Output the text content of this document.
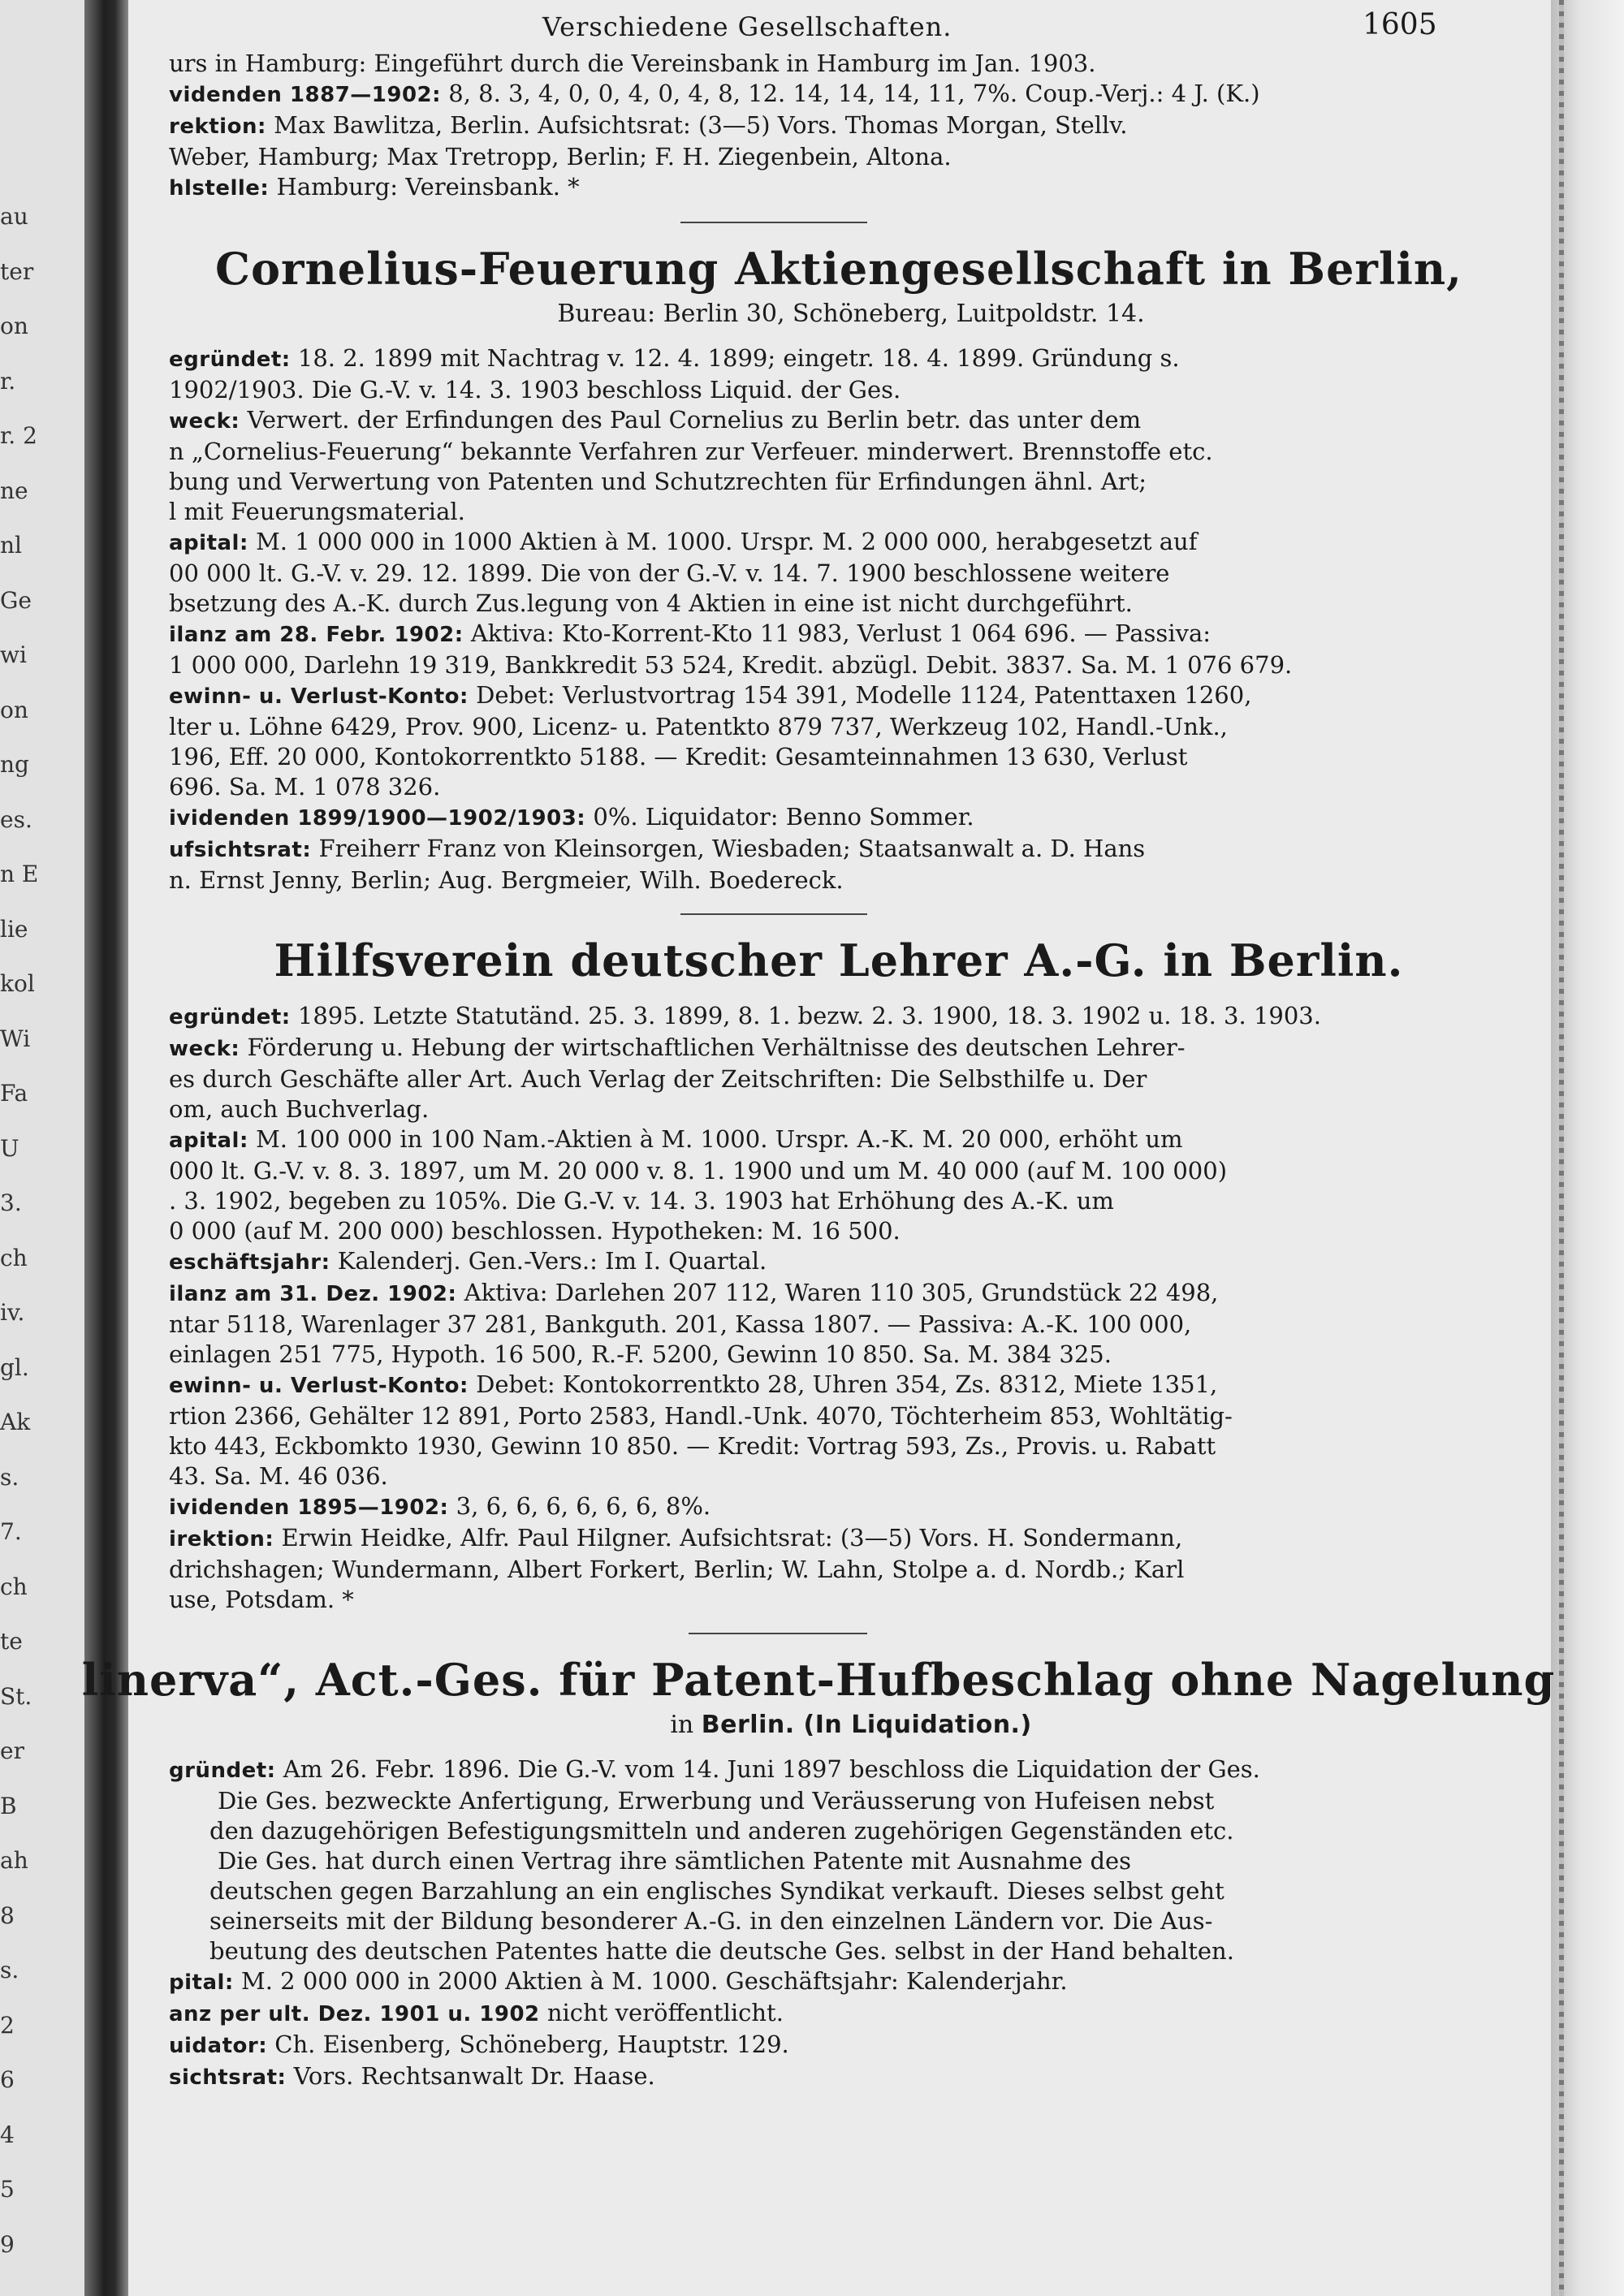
au
ter
on
r.
r. 2
ne
nl
Ge
wi
on
ng
es.
n E
lie
kol
Wi
Fa
U
3.
ch
iv.
gl.
Ak
s.
7.
ch
te
St.
er
B
ah
8
s.
2
6
4
5
9
Verschiedene Gesellschaften.	1605
urs in Hamburg: Eingeführt durch die Vereinsbank in Hamburg im Jan. 1903.
videnden 1887—1902: 8, 8. 3, 4, 0, 0, 4, 0, 4, 8, 12. 14, 14, 14, 11, 7%. Coup.-Verj.: 4 J. (K.)
rektion: Max Bawlitza, Berlin. Aufsichtsrat: (3—5) Vors. Thomas Morgan, Stellv.
Weber, Hamburg; Max Tretropp, Berlin; F. H. Ziegenbein, Altona.
hlstelle: Hamburg: Vereinsbank. *
Cornelius-Feuerung Aktiengesellschaft in Berlin,
Bureau: Berlin 30, Schöneberg, Luitpoldstr. 14.
egründet: 18. 2. 1899 mit Nachtrag v. 12. 4. 1899; eingetr. 18. 4. 1899. Gründung s.
1902/1903. Die G.-V. v. 14. 3. 1903 beschloss Liquid. der Ges.
weck: Verwert. der Erfindungen des Paul Cornelius zu Berlin betr. das unter dem
n „Cornelius-Feuerung“ bekannte Verfahren zur Verfeuer. minderwert. Brennstoffe etc.
bung und Verwertung von Patenten und Schutzrechten für Erfindungen ähnl. Art;
l mit Feuerungsmaterial.
apital: M. 1 000 000 in 1000 Aktien à M. 1000. Urspr. M. 2 000 000, herabgesetzt auf
00 000 lt. G.-V. v. 29. 12. 1899. Die von der G.-V. v. 14. 7. 1900 beschlossene weitere
bsetzung des A.-K. durch Zus.legung von 4 Aktien in eine ist nicht durchgeführt.
ilanz am 28. Febr. 1902: Aktiva: Kto-Korrent-Kto 11 983, Verlust 1 064 696. — Passiva:
1 000 000, Darlehn 19 319, Bankkredit 53 524, Kredit. abzügl. Debit. 3837. Sa. M. 1 076 679.
ewinn- u. Verlust-Konto: Debet: Verlustvortrag 154 391, Modelle 1124, Patenttaxen 1260,
lter u. Löhne 6429, Prov. 900, Licenz- u. Patentkto 879 737, Werkzeug 102, Handl.-Unk.,
196, Eff. 20 000, Kontokorrentkto 5188. — Kredit: Gesamteinnahmen 13 630, Verlust
696. Sa. M. 1 078 326.
ividenden 1899/1900—1902/1903: 0%. Liquidator: Benno Sommer.
ufsichtsrat: Freiherr Franz von Kleinsorgen, Wiesbaden; Staatsanwalt a. D. Hans
n. Ernst Jenny, Berlin; Aug. Bergmeier, Wilh. Boedereck.
Hilfsverein deutscher Lehrer A.-G. in Berlin.
egründet: 1895. Letzte Statutänd. 25. 3. 1899, 8. 1. bezw. 2. 3. 1900, 18. 3. 1902 u. 18. 3. 1903.
weck: Förderung u. Hebung der wirtschaftlichen Verhältnisse des deutschen Lehrer-
es durch Geschäfte aller Art. Auch Verlag der Zeitschriften: Die Selbsthilfe u. Der
om, auch Buchverlag.
apital: M. 100 000 in 100 Nam.-Aktien à M. 1000. Urspr. A.-K. M. 20 000, erhöht um
000 lt. G.-V. v. 8. 3. 1897, um M. 20 000 v. 8. 1. 1900 und um M. 40 000 (auf M. 100 000)
. 3. 1902, begeben zu 105%. Die G.-V. v. 14. 3. 1903 hat Erhöhung des A.-K. um
0 000 (auf M. 200 000) beschlossen. Hypotheken: M. 16 500.
eschäftsjahr: Kalenderj. Gen.-Vers.: Im I. Quartal.
ilanz am 31. Dez. 1902: Aktiva: Darlehen 207 112, Waren 110 305, Grundstück 22 498,
ntar 5118, Warenlager 37 281, Bankguth. 201, Kassa 1807. — Passiva: A.-K. 100 000,
einlagen 251 775, Hypoth. 16 500, R.-F. 5200, Gewinn 10 850. Sa. M. 384 325.
ewinn- u. Verlust-Konto: Debet: Kontokorrentkto 28, Uhren 354, Zs. 8312, Miete 1351,
rtion 2366, Gehälter 12 891, Porto 2583, Handl.-Unk. 4070, Töchterheim 853, Wohltätig-
kto 443, Eckbomkto 1930, Gewinn 10 850. — Kredit: Vortrag 593, Zs., Provis. u. Rabatt
43. Sa. M. 46 036.
ividenden 1895—1902: 3, 6, 6, 6, 6, 6, 6, 8%.
irektion: Erwin Heidke, Alfr. Paul Hilgner. Aufsichtsrat: (3—5) Vors. H. Sondermann,
drichshagen; Wundermann, Albert Forkert, Berlin; W. Lahn, Stolpe a. d. Nordb.; Karl
use, Potsdam. *
linerva“, Act.-Ges. für Patent-Hufbeschlag ohne Nagelung
in Berlin. (In Liquidation.)
gründet: Am 26. Febr. 1896. Die G.-V. vom 14. Juni 1897 beschloss die Liquidation der Ges.
Die Ges. bezweckte Anfertigung, Erwerbung und Veräusserung von Hufeisen nebst
den dazugehörigen Befestigungsmitteln und anderen zugehörigen Gegenständen etc.
Die Ges. hat durch einen Vertrag ihre sämtlichen Patente mit Ausnahme des
deutschen gegen Barzahlung an ein englisches Syndikat verkauft. Dieses selbst geht
seinerseits mit der Bildung besonderer A.-G. in den einzelnen Ländern vor. Die Aus-
beutung des deutschen Patentes hatte die deutsche Ges. selbst in der Hand behalten.
pital: M. 2 000 000 in 2000 Aktien à M. 1000. Geschäftsjahr: Kalenderjahr.
anz per ult. Dez. 1901 u. 1902 nicht veröffentlicht.
uidator: Ch. Eisenberg, Schöneberg, Hauptstr. 129.
sichtsrat: Vors. Rechtsanwalt Dr. Haase.
